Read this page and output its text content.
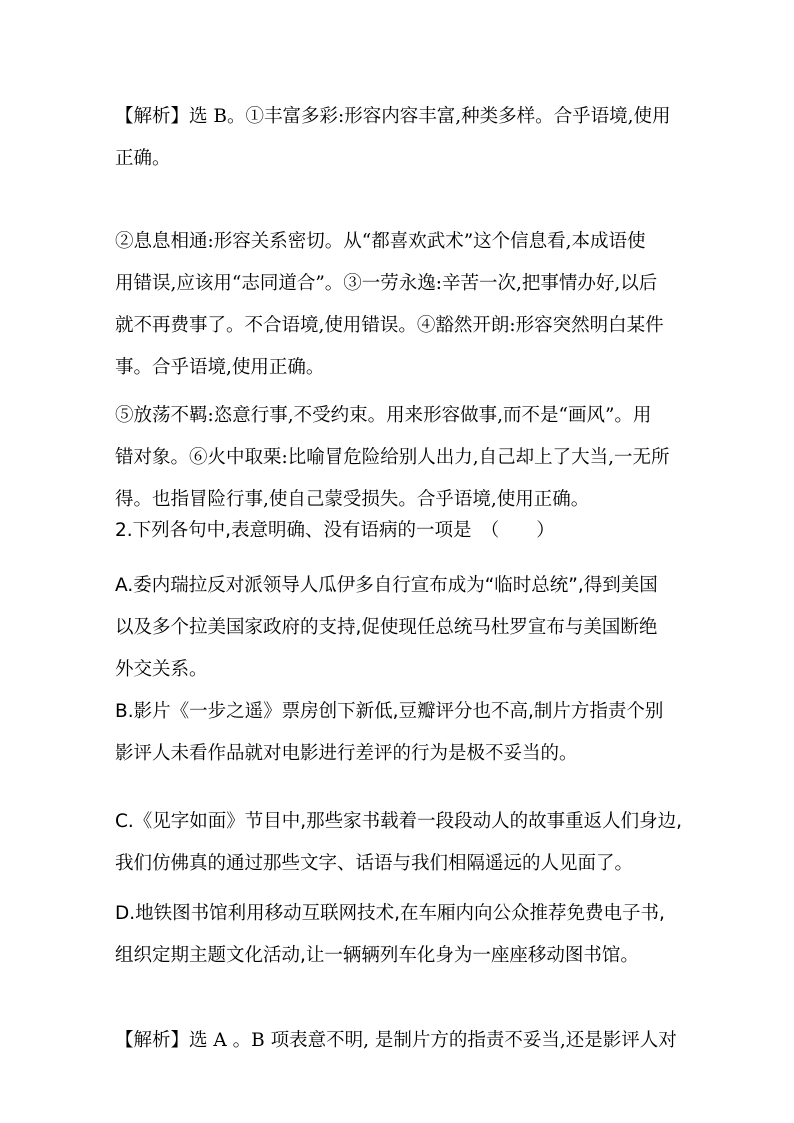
【解析】选 B。①丰富多彩:形容内容丰富,种类多样。合乎语境,使用
正确。
②息息相通:形容关系密切。从“都喜欢武术”这个信息看,本成语使
用错误,应该用“志同道合”。③一劳永逸:辛苦一次,把事情办好,以后
就不再费事了。不合语境,使用错误。④豁然开朗:形容突然明白某件
事。合乎语境,使用正确。
⑤放荡不羁:恣意行事,不受约束。用来形容做事,而不是“画风”。用
错对象。⑥火中取栗:比喻冒危险给别人出力,自己却上了大当,一无所
得。也指冒险行事,使自己蒙受损失。合乎语境,使用正确。
2.下列各句中,表意明确、没有语病的一项是　（　　）
A.委内瑞拉反对派领导人瓜伊多自行宣布成为“临时总统”,得到美国
以及多个拉美国家政府的支持,促使现任总统马杜罗宣布与美国断绝
外交关系。
B.影片《一步之遥》票房创下新低,豆瓣评分也不高,制片方指责个别
影评人未看作品就对电影进行差评的行为是极不妥当的。
C.《见字如面》节目中,那些家书载着一段段动人的故事重返人们身边,
我们仿佛真的通过那些文字、话语与我们相隔遥远的人见面了。
D.地铁图书馆利用移动互联网技术,在车厢内向公众推荐免费电子书,
组织定期主题文化活动,让一辆辆列车化身为一座座移动图书馆。
【解析】选 A 。B 项表意不明, 是制片方的指责不妥当,还是影评人对
